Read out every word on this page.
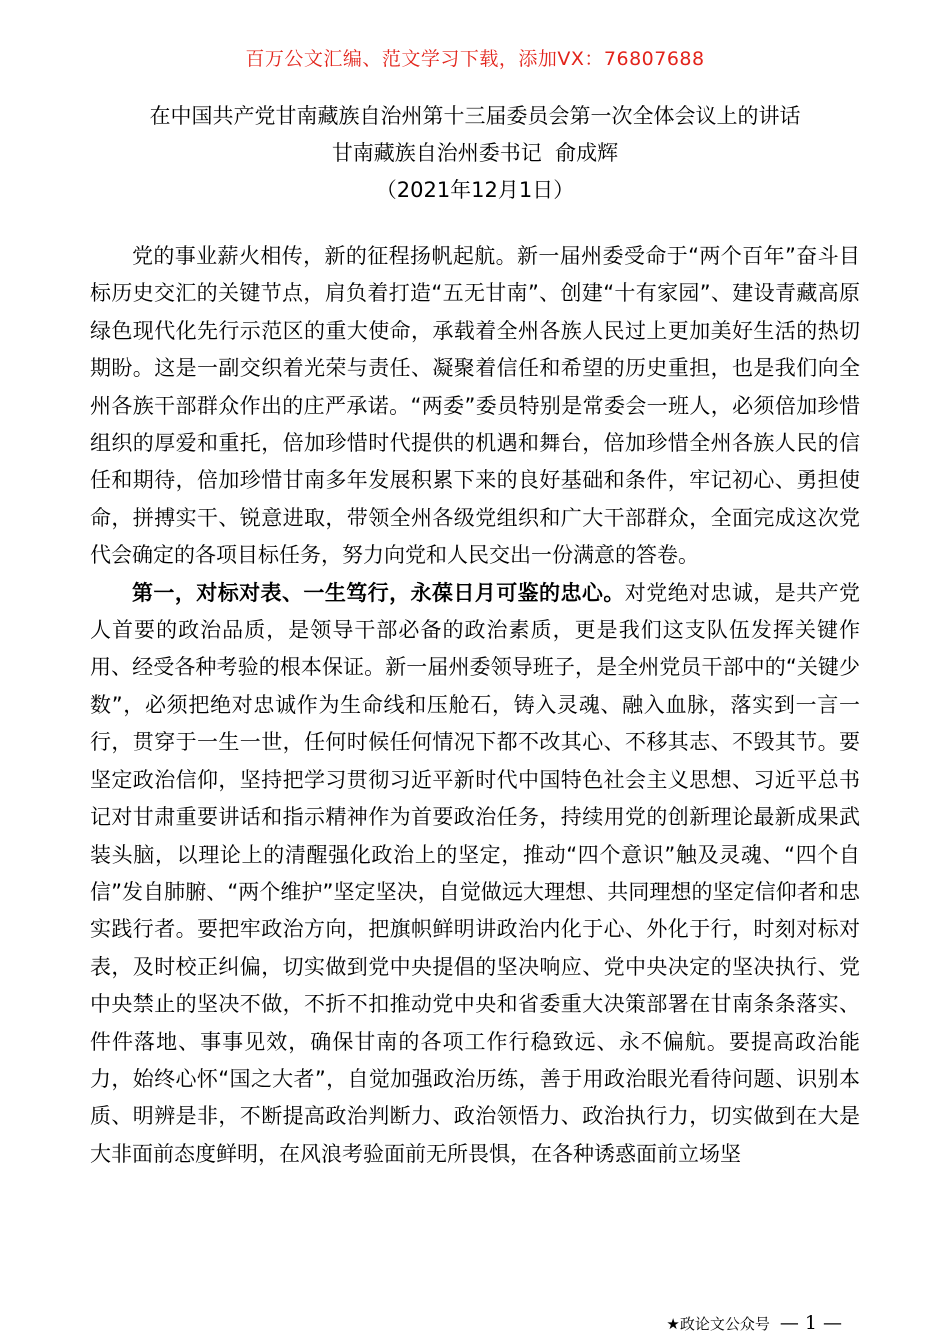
百万公文汇编、范文学习下载，添加VX：76807688
在中国共产党甘南藏族自治州第十三届委员会第一次全体会议上的讲话
甘南藏族自治州委书记  俞成辉
（2021年12月1日）

党的事业薪火相传，新的征程扬帆起航。新一届州委受命于“两个百年”奋斗目标历史交汇的关键节点，肩负着打造“五无甘南”、创建“十有家园”、建设青藏高原绿色现代化先行示范区的重大使命，承载着全州各族人民过上更加美好生活的热切期盼。这是一副交织着光荣与责任、凝聚着信任和希望的历史重担，也是我们向全州各族干部群众作出的庄严承诺。“两委”委员特别是常委会一班人，必须倍加珍惜组织的厚爱和重托，倍加珍惜时代提供的机遇和舞台，倍加珍惜全州各族人民的信任和期待，倍加珍惜甘南多年发展积累下来的良好基础和条件，牢记初心、勇担使命，拼搏实干、锐意进取，带领全州各级党组织和广大干部群众，全面完成这次党代会确定的各项目标任务，努力向党和人民交出一份满意的答卷。

第一，对标对表、一生笃行，永葆日月可鉴的忠心。对党绝对忠诚，是共产党人首要的政治品质，是领导干部必备的政治素质，更是我们这支队伍发挥关键作用、经受各种考验的根本保证。新一届州委领导班子，是全州党员干部中的“关键少数”，必须把绝对忠诚作为生命线和压舱石，铸入灵魂、融入血脉，落实到一言一行，贯穿于一生一世，任何时候任何情况下都不改其心、不移其志、不毁其节。要坚定政治信仰，坚持把学习贯彻习近平新时代中国特色社会主义思想、习近平总书记对甘肃重要讲话和指示精神作为首要政治任务，持续用党的创新理论最新成果武装头脑，以理论上的清醒强化政治上的坚定，推动“四个意识”触及灵魂、“四个自信”发自肺腑、“两个维护”坚定坚决，自觉做远大理想、共同理想的坚定信仰者和忠实践行者。要把牢政治方向，把旗帜鲜明讲政治内化于心、外化于行，时刻对标对表，及时校正纠偏，切实做到党中央提倡的坚决响应、党中央决定的坚决执行、党中央禁止的坚决不做，不折不扣推动党中央和省委重大决策部署在甘南条条落实、件件落地、事事见效，确保甘南的各项工作行稳致远、永不偏航。要提高政治能力，始终心怀“国之大者”，自觉加强政治历练，善于用政治眼光看待问题、识别本质、明辨是非，不断提高政治判断力、政治领悟力、政治执行力，切实做到在大是大非面前态度鲜明，在风浪考验面前无所畏惧，在各种诱惑面前立场坚

★政论文公众号 — 1 —
